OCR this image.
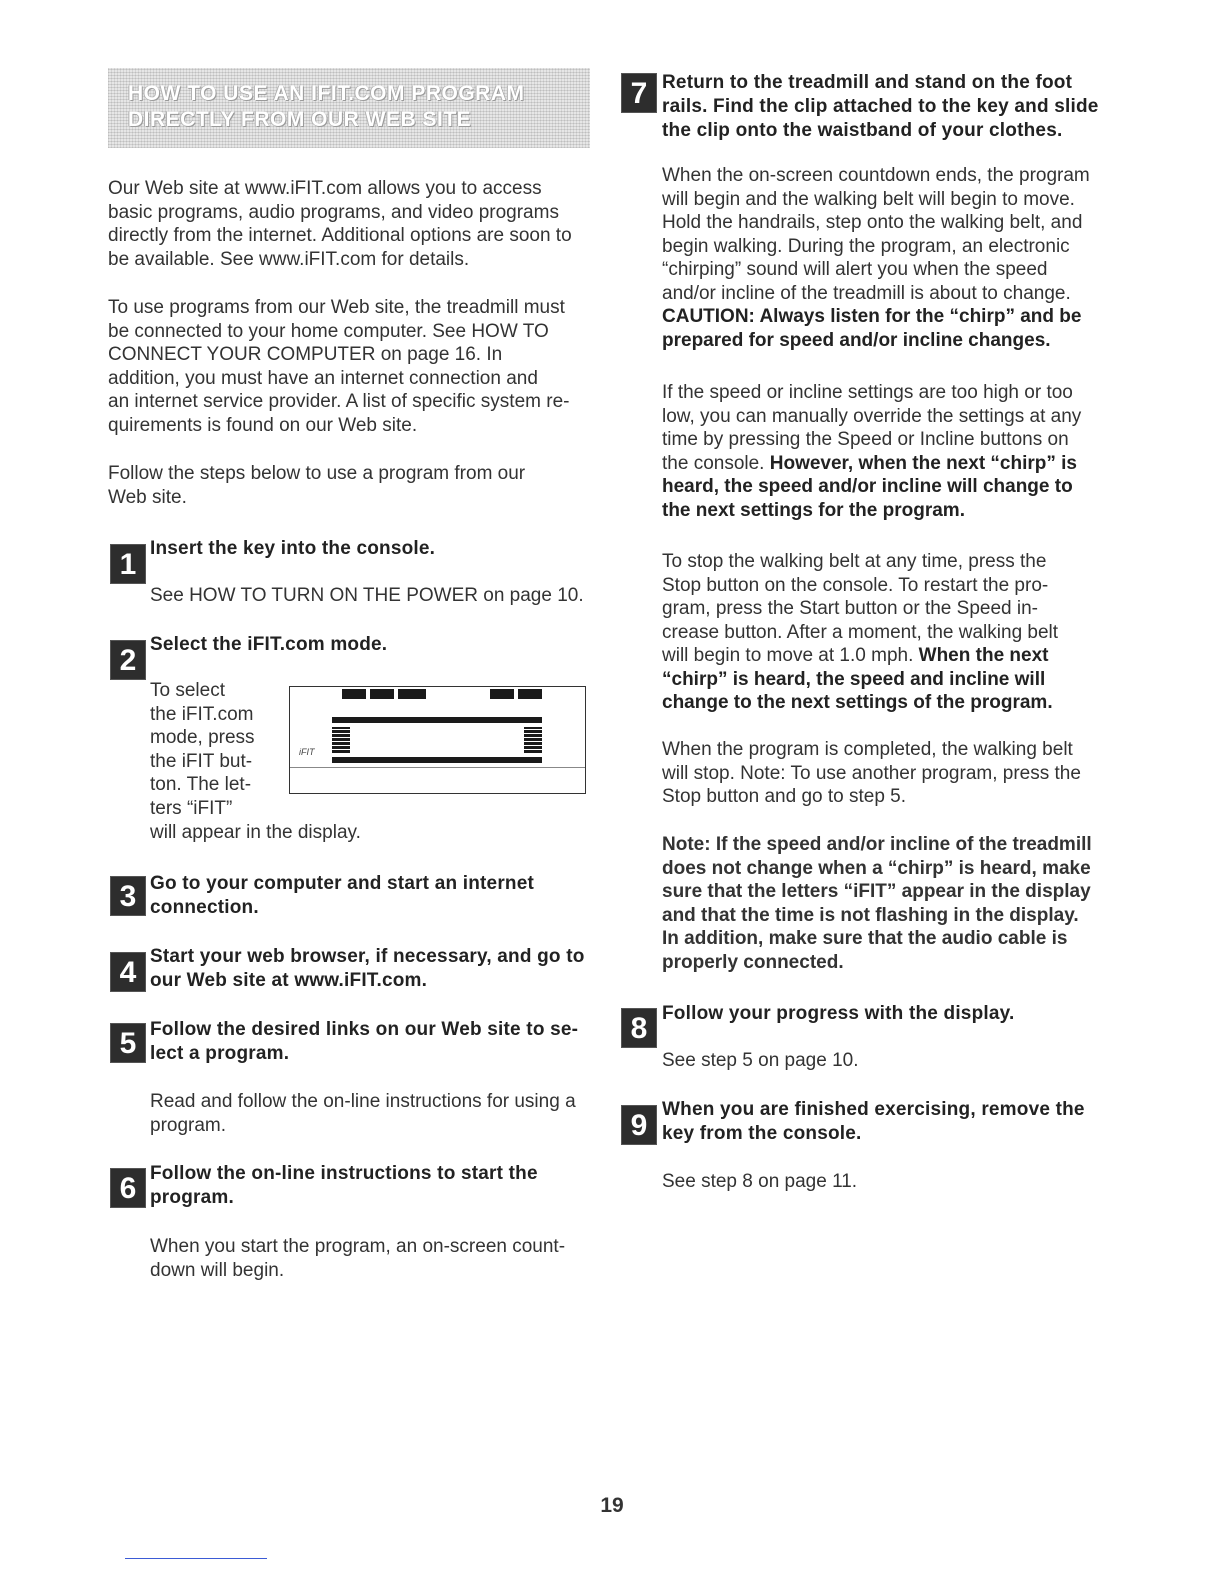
HOW TO USE AN IFIT.COM PROGRAM
DIRECTLY FROM OUR WEB SITE

Our Web site at www.iFIT.com allows you to access
basic programs, audio programs, and video programs
directly from the internet. Additional options are soon to
be available. See www.iFIT.com for details.

To use programs from our Web site, the treadmill must
be connected to your home computer. See HOW TO
CONNECT YOUR COMPUTER on page 16. In
addition, you must have an internet connection and
an internet service provider. A list of specific system re-
quirements is found on our Web site.

Follow the steps below to use a program from our
Web site.

1 Insert the key into the console.

See HOW TO TURN ON THE POWER on page 10.

2 Select the iFIT.com mode.

To select
the iFIT.com
mode, press
the iFIT but-
ton. The let-
ters “iFIT”

will appear in the display.

iFIT
3 Go to your computer and start an internet
connection.

4 Start your web browser, if necessary, and go to
our Web site at www.iFIT.com.

5 Follow the desired links on our Web site to se-
lect a program.

Read and follow the on-line instructions for using a
program.

6 Follow the on-line instructions to start the
program.

When you start the program, an on-screen count-
down will begin.

7 Return to the treadmill and stand on the foot
rails. Find the clip attached to the key and slide
the clip onto the waistband of your clothes.

When the on-screen countdown ends, the program
will begin and the walking belt will begin to move.
Hold the handrails, step onto the walking belt, and
begin walking. During the program, an electronic
“chirping” sound will alert you when the speed
and/or incline of the treadmill is about to change.
CAUTION: Always listen for the “chirp” and be
prepared for speed and/or incline changes.

If the speed or incline settings are too high or too
low, you can manually override the settings at any
time by pressing the Speed or Incline buttons on
the console. However, when the next “chirp” is
heard, the speed and/or incline will change to
the next settings for the program.

To stop the walking belt at any time, press the
Stop button on the console. To restart the pro-
gram, press the Start button or the Speed in-
crease button. After a moment, the walking belt
will begin to move at 1.0 mph. When the next
“chirp” is heard, the speed and incline will
change to the next settings of the program.

When the program is completed, the walking belt
will stop. Note: To use another program, press the
Stop button and go to step 5.

Note: If the speed and/or incline of the treadmill
does not change when a “chirp” is heard, make
sure that the letters “iFIT” appear in the display
and that the time is not flashing in the display.
In addition, make sure that the audio cable is
properly connected.

8 Follow your progress with the display.

See step 5 on page 10.

9 When you are finished exercising, remove the
key from the console.

See step 8 on page 11.

19
